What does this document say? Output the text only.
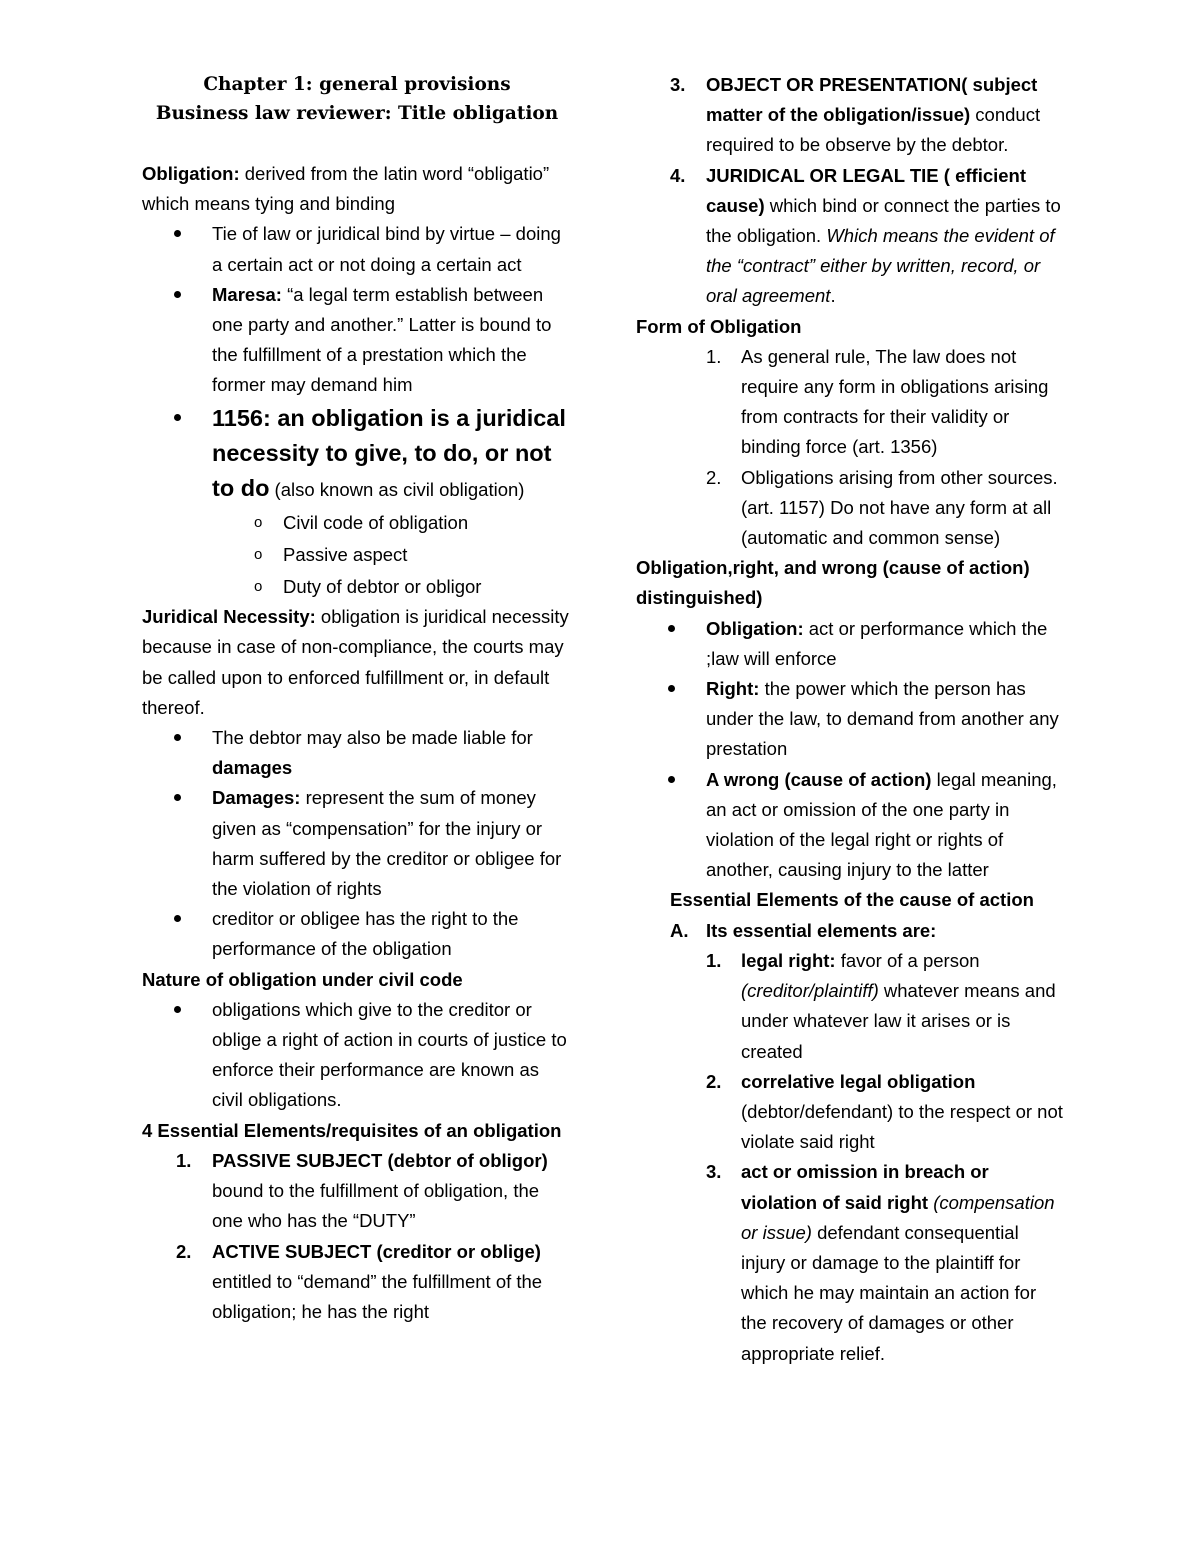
Chapter 1: general provisions
Business law reviewer: Title obligation

Obligation: derived from the latin word “obligatio” which means tying and binding

Tie of law or juridical bind by virtue – doing a certain act or not doing a certain act
Maresa: “a legal term establish between one party and another.” Latter is bound to the fulfillment of a prestation which the former may demand him
1156: an obligation is a juridical necessity to give, to do, or not to do (also known as civil obligation)
o Civil code of obligation
o Passive aspect
o Duty of debtor or obligor

Juridical Necessity: obligation is juridical necessity because in case of non-compliance, the courts may be called upon to enforced fulfillment or, in default thereof.

The debtor may also be made liable for damages
Damages: represent the sum of money given as “compensation” for the injury or harm suffered by the creditor or obligee for the violation of rights
creditor or obligee has the right to the performance of the obligation

Nature of obligation under civil code

obligations which give to the creditor or oblige a right of action in courts of justice to enforce their performance are known as civil obligations.

4 Essential Elements/requisites of an obligation

1. PASSIVE SUBJECT (debtor of obligor) bound to the fulfillment of obligation, the one who has the “DUTY”
2. ACTIVE SUBJECT (creditor or oblige) entitled to “demand” the fulfillment of the obligation; he has the right
3. OBJECT OR PRESENTATION( subject matter of the obligation/issue) conduct required to be observe by the debtor.
4. JURIDICAL OR LEGAL TIE ( efficient cause) which bind or connect the parties to the obligation. Which means the evident of the “contract” either by written, record, or oral agreement.

Form of Obligation

1. As general rule, The law does not require any form in obligations arising from contracts for their validity or binding force (art. 1356)
2. Obligations arising from other sources. (art. 1157) Do not have any form at all (automatic and common sense)

Obligation,right, and wrong (cause of action) distinguished)

Obligation: act or performance which the ;law will enforce
Right: the power which the person has under the law, to demand from another any prestation
A wrong (cause of action) legal meaning, an act or omission of the one party in violation of the legal right or rights of another, causing injury to the latter

Essential Elements of the cause of action

A. Its essential elements are:
1. legal right: favor of a person (creditor/plaintiff) whatever means and under whatever law it arises or is created
2. correlative legal obligation (debtor/defendant) to the respect or not violate said right
3. act or omission in breach or violation of said right (compensation or issue) defendant consequential injury or damage to the plaintiff for which he may maintain an action for the recovery of damages or other appropriate relief.
